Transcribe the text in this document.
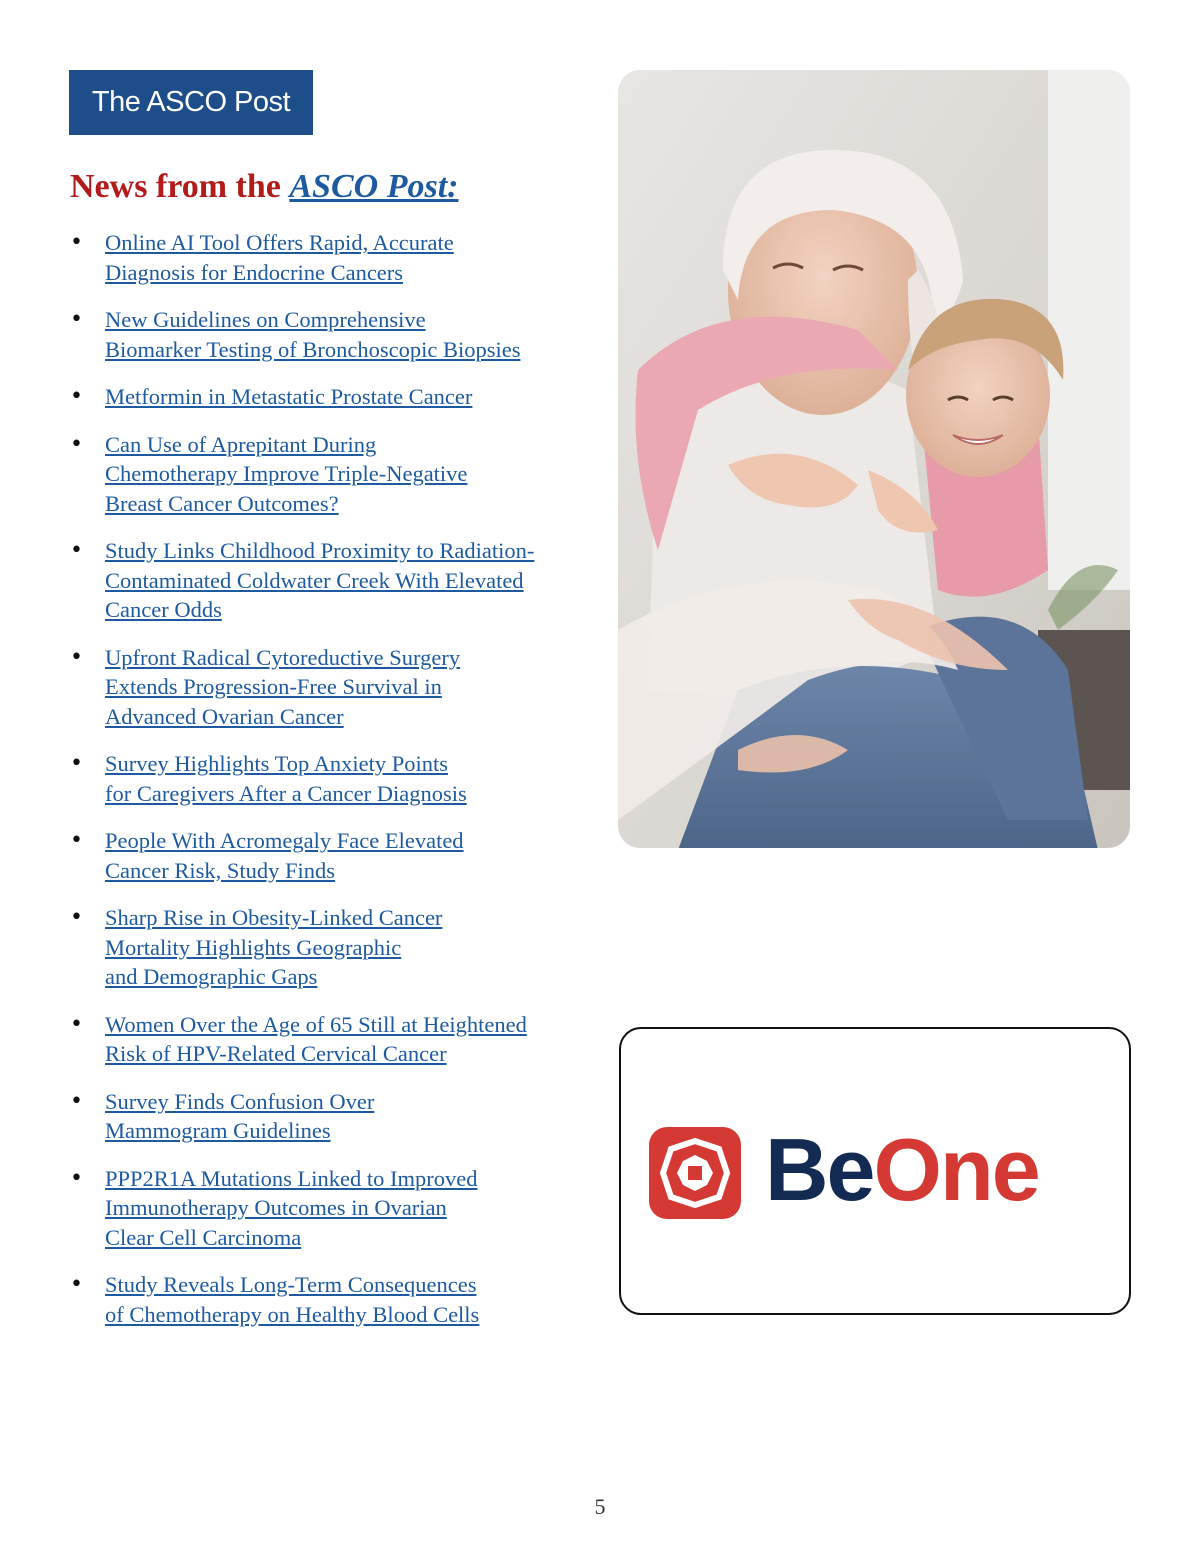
The ASCO Post
News from the ASCO Post:
• Online AI Tool Offers Rapid, Accurate
Diagnosis for Endocrine Cancers
• New Guidelines on Comprehensive
Biomarker Testing of Bronchoscopic Biopsies
• Metformin in Metastatic Prostate Cancer
• Can Use of Aprepitant During
Chemotherapy Improve Triple-Negative
Breast Cancer Outcomes?
• Study Links Childhood Proximity to Radiation-
Contaminated Coldwater Creek With Elevated
Cancer Odds
• Upfront Radical Cytoreductive Surgery
Extends Progression-Free Survival in
Advanced Ovarian Cancer
• Survey Highlights Top Anxiety Points
for Caregivers After a Cancer Diagnosis
• People With Acromegaly Face Elevated
Cancer Risk, Study Finds
• Sharp Rise in Obesity-Linked Cancer
Mortality Highlights Geographic
and Demographic Gaps
• Women Over the Age of 65 Still at Heightened
Risk of HPV-Related Cervical Cancer
• Survey Finds Confusion Over
Mammogram Guidelines
• PPP2R1A Mutations Linked to Improved
Immunotherapy Outcomes in Ovarian
Clear Cell Carcinoma
• Study Reveals Long-Term Consequences
of Chemotherapy on Healthy Blood Cells
BeOne
5
